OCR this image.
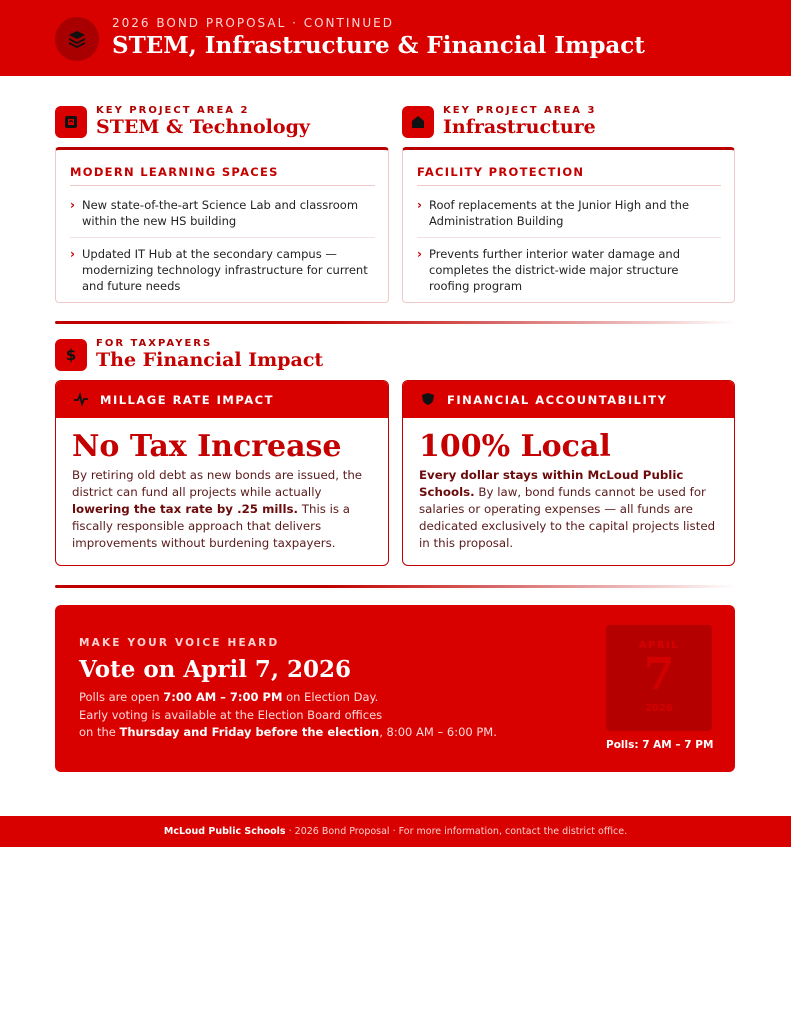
2026 BOND PROPOSAL · CONTINUED
STEM, Infrastructure & Financial Impact
KEY PROJECT AREA 2
STEM & Technology
KEY PROJECT AREA 3
Infrastructure
MODERN LEARNING SPACES
› New state-of-the-art Science Lab and classroom within the new HS building
› Updated IT Hub at the secondary campus — modernizing technology infrastructure for current and future needs
FACILITY PROTECTION
› Roof replacements at the Junior High and the Administration Building
› Prevents further interior water damage and completes the district-wide major structure roofing program
$
FOR TAXPAYERS
The Financial Impact
MILLAGE RATE IMPACT
No Tax Increase
By retiring old debt as new bonds are issued, the district can fund all projects while actually lowering the tax rate by .25 mills. This is a fiscally responsible approach that delivers improvements without burdening taxpayers.
FINANCIAL ACCOUNTABILITY
100% Local
Every dollar stays within McLoud Public Schools. By law, bond funds cannot be used for salaries or operating expenses — all funds are dedicated exclusively to the capital projects listed in this proposal.
MAKE YOUR VOICE HEARD
Vote on April 7, 2026
Polls are open 7:00 AM – 7:00 PM on Election Day.
Early voting is available at the Election Board offices
on the Thursday and Friday before the election, 8:00 AM – 6:00 PM.
APRIL
7
2026
Polls: 7 AM – 7 PM
McLoud Public Schools · 2026 Bond Proposal · For more information, contact the district office.
